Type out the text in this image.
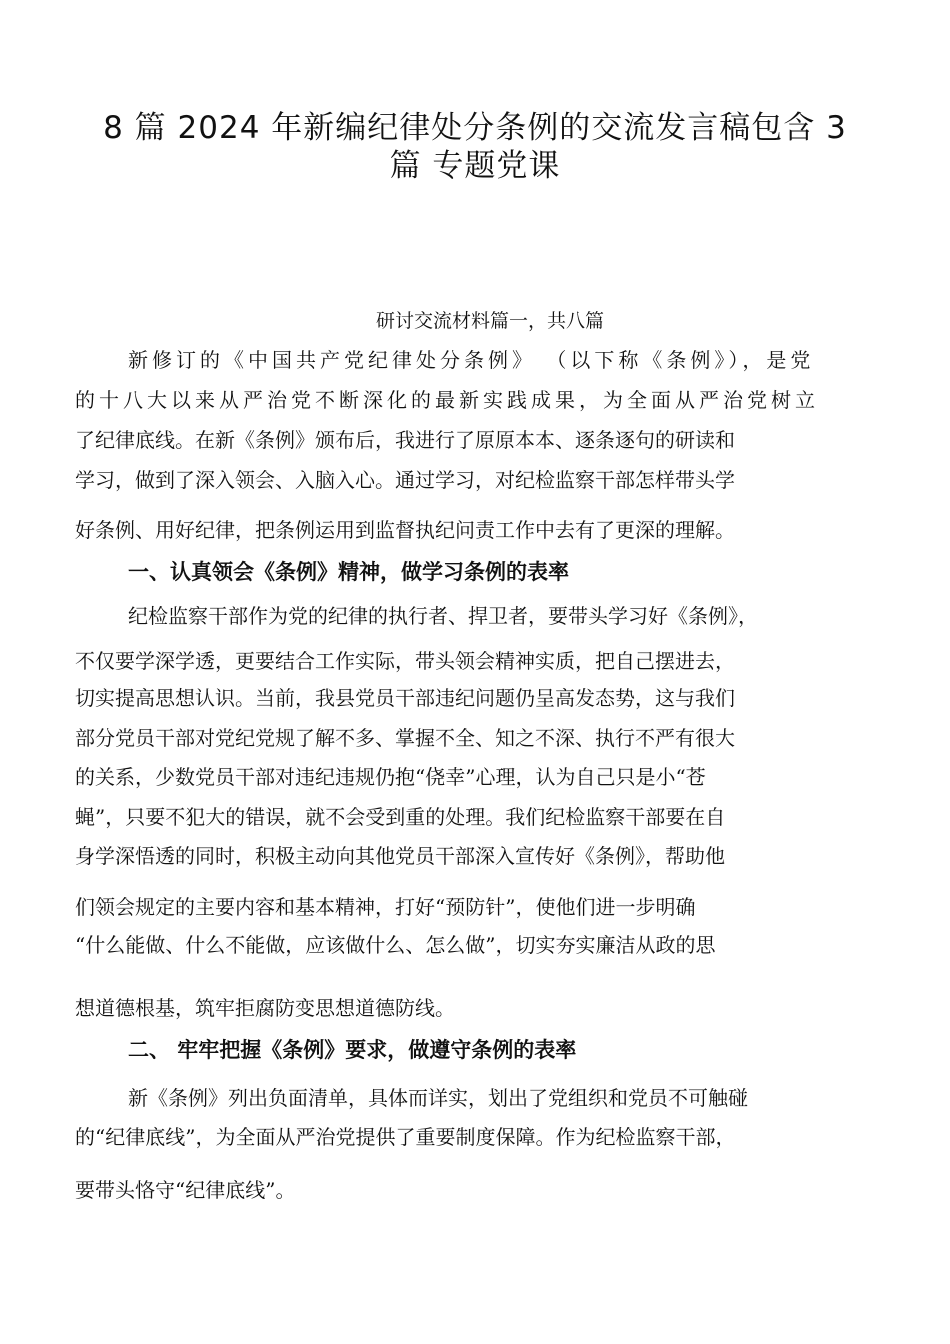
8 篇 2024 年新编纪律处分条例的交流发言稿包含 3
篇 专题党课
研讨交流材料篇一，共八篇
新修订的《中国共产党纪律处分条例》 （以下称《条例》），是党
的十八大以来从严治党不断深化的最新实践成果，为全面从严治党树立
了纪律底线。在新《条例》颁布后，我进行了原原本本、逐条逐句的研读和
学习，做到了深入领会、入脑入心。通过学习，对纪检监察干部怎样带头学
好条例、用好纪律，把条例运用到监督执纪问责工作中去有了更深的理解。
一、认真领会《条例》精神，做学习条例的表率
纪检监察干部作为党的纪律的执行者、捍卫者，要带头学习好《条例》，
不仅要学深学透，更要结合工作实际，带头领会精神实质，把自己摆进去，
切实提高思想认识。当前，我县党员干部违纪问题仍呈高发态势，这与我们
部分党员干部对党纪党规了解不多、掌握不全、知之不深、执行不严有很大
的关系，少数党员干部对违纪违规仍抱“侥幸”心理，认为自己只是小“苍
蝇”，只要不犯大的错误，就不会受到重的处理。我们纪检监察干部要在自
身学深悟透的同时，积极主动向其他党员干部深入宣传好《条例》，帮助他
们领会规定的主要内容和基本精神，打好“预防针”，使他们进一步明确
“什么能做、什么不能做，应该做什么、怎么做”，切实夯实廉洁从政的思
想道德根基，筑牢拒腐防变思想道德防线。
二、 牢牢把握《条例》要求，做遵守条例的表率
新《条例》列出负面清单，具体而详实，划出了党组织和党员不可触碰
的“纪律底线”，为全面从严治党提供了重要制度保障。作为纪检监察干部，
要带头恪守“纪律底线”。
